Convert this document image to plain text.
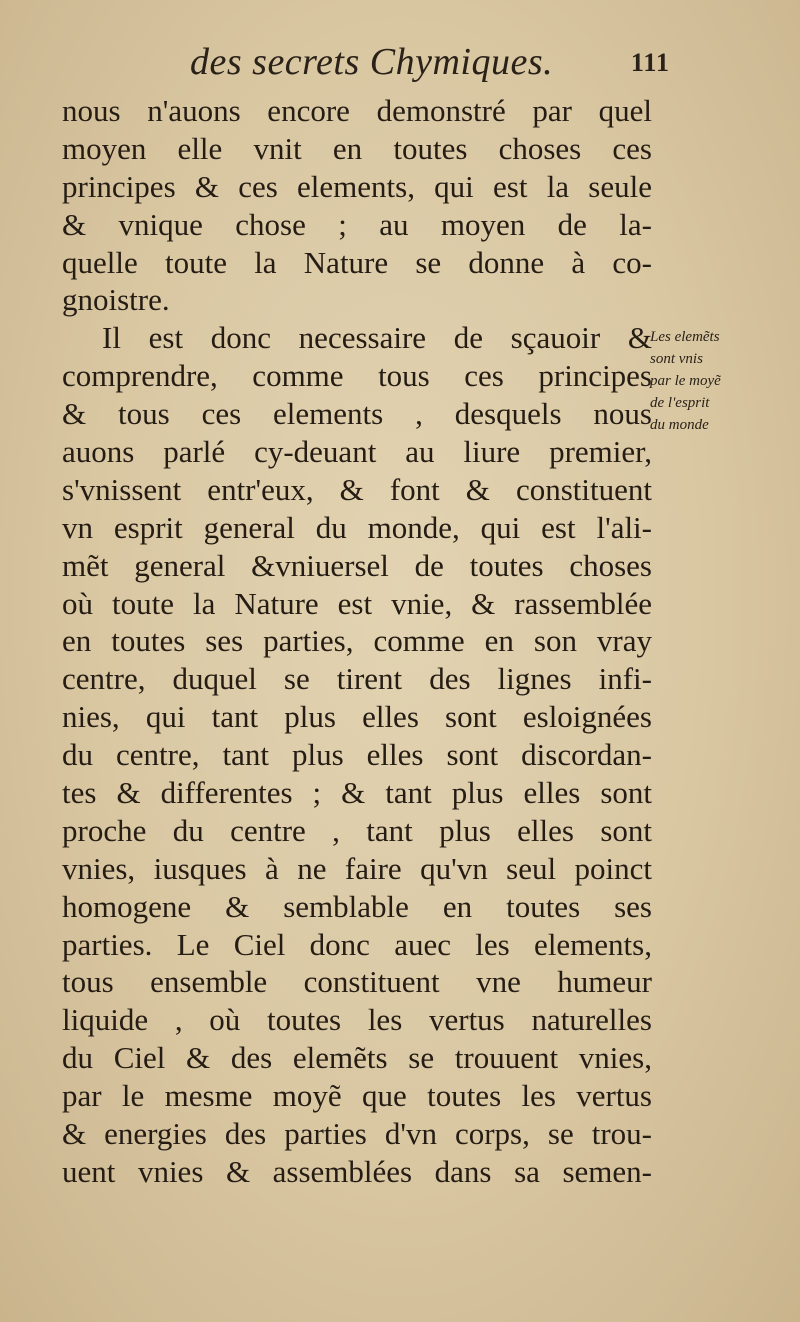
des secrets Chymiques.	111
nous n'auons encore demonstré par quel
moyen elle vnit en toutes choses ces
principes & ces elements, qui est la seule
& vnique chose ; au moyen de la-
quelle toute la Nature se donne à co-
gnoistre.
Il est donc necessaire de sçauoir &
comprendre, comme tous ces principes
& tous ces elements , desquels nous
auons parlé cy-deuant au liure premier,
s'vnissent entr'eux, & font & constituent
vn esprit general du monde, qui est l'ali-
mẽt general &vniuersel de toutes choses
où toute la Nature est vnie, & rassemblée
en toutes ses parties, comme en son vray
centre, duquel se tirent des lignes infi-
nies, qui tant plus elles sont esloignées
du centre, tant plus elles sont discordan-
tes & differentes ; & tant plus elles sont
proche du centre , tant plus elles sont
vnies, iusques à ne faire qu'vn seul poinct
homogene & semblable en toutes ses
parties. Le Ciel donc auec les elements,
tous ensemble constituent vne humeur
liquide , où toutes les vertus naturelles
du Ciel & des elemẽts se trouuent vnies,
par le mesme moyẽ que toutes les vertus
& energies des parties d'vn corps, se trou-
uent vnies & assemblées dans sa semen-
Les elemẽts
sont vnis
par le moyẽ
de l'esprit
du monde
